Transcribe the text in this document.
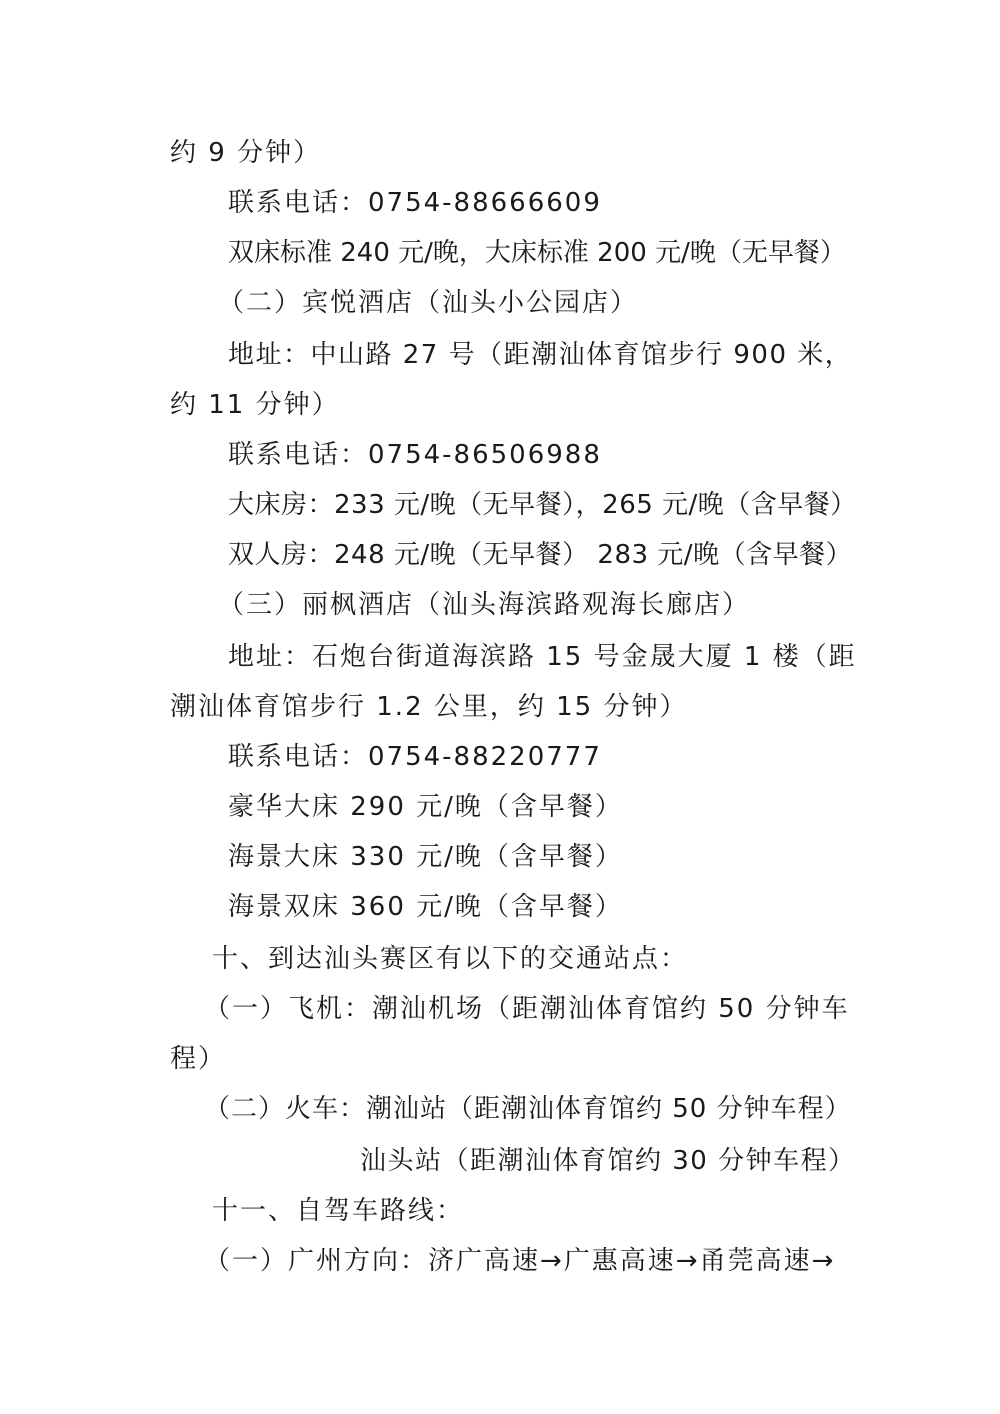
约 9 分钟）
联系电话：0754-88666609
双床标准 240 元/晚，大床标准 200 元/晚（无早餐）
（二）宾悦酒店（汕头小公园店）
地址：中山路 27 号（距潮汕体育馆步行 900 米，
约 11 分钟）
联系电话：0754-86506988
大床房：233 元/晚（无早餐），265 元/晚（含早餐）
双人房：248 元/晚（无早餐） 283 元/晚（含早餐）
（三）丽枫酒店（汕头海滨路观海长廊店）
地址：石炮台街道海滨路 15 号金晟大厦 1 楼（距
潮汕体育馆步行 1.2 公里，约 15 分钟）
联系电话：0754-88220777
豪华大床 290 元/晚（含早餐）
海景大床 330 元/晚（含早餐）
海景双床 360 元/晚（含早餐）
十、到达汕头赛区有以下的交通站点：
（一）飞机：潮汕机场（距潮汕体育馆约 50 分钟车
程）
（二）火车：潮汕站（距潮汕体育馆约 50 分钟车程）
汕头站（距潮汕体育馆约 30 分钟车程）
十一、自驾车路线：
（一）广州方向：济广高速→广惠高速→甬莞高速→
